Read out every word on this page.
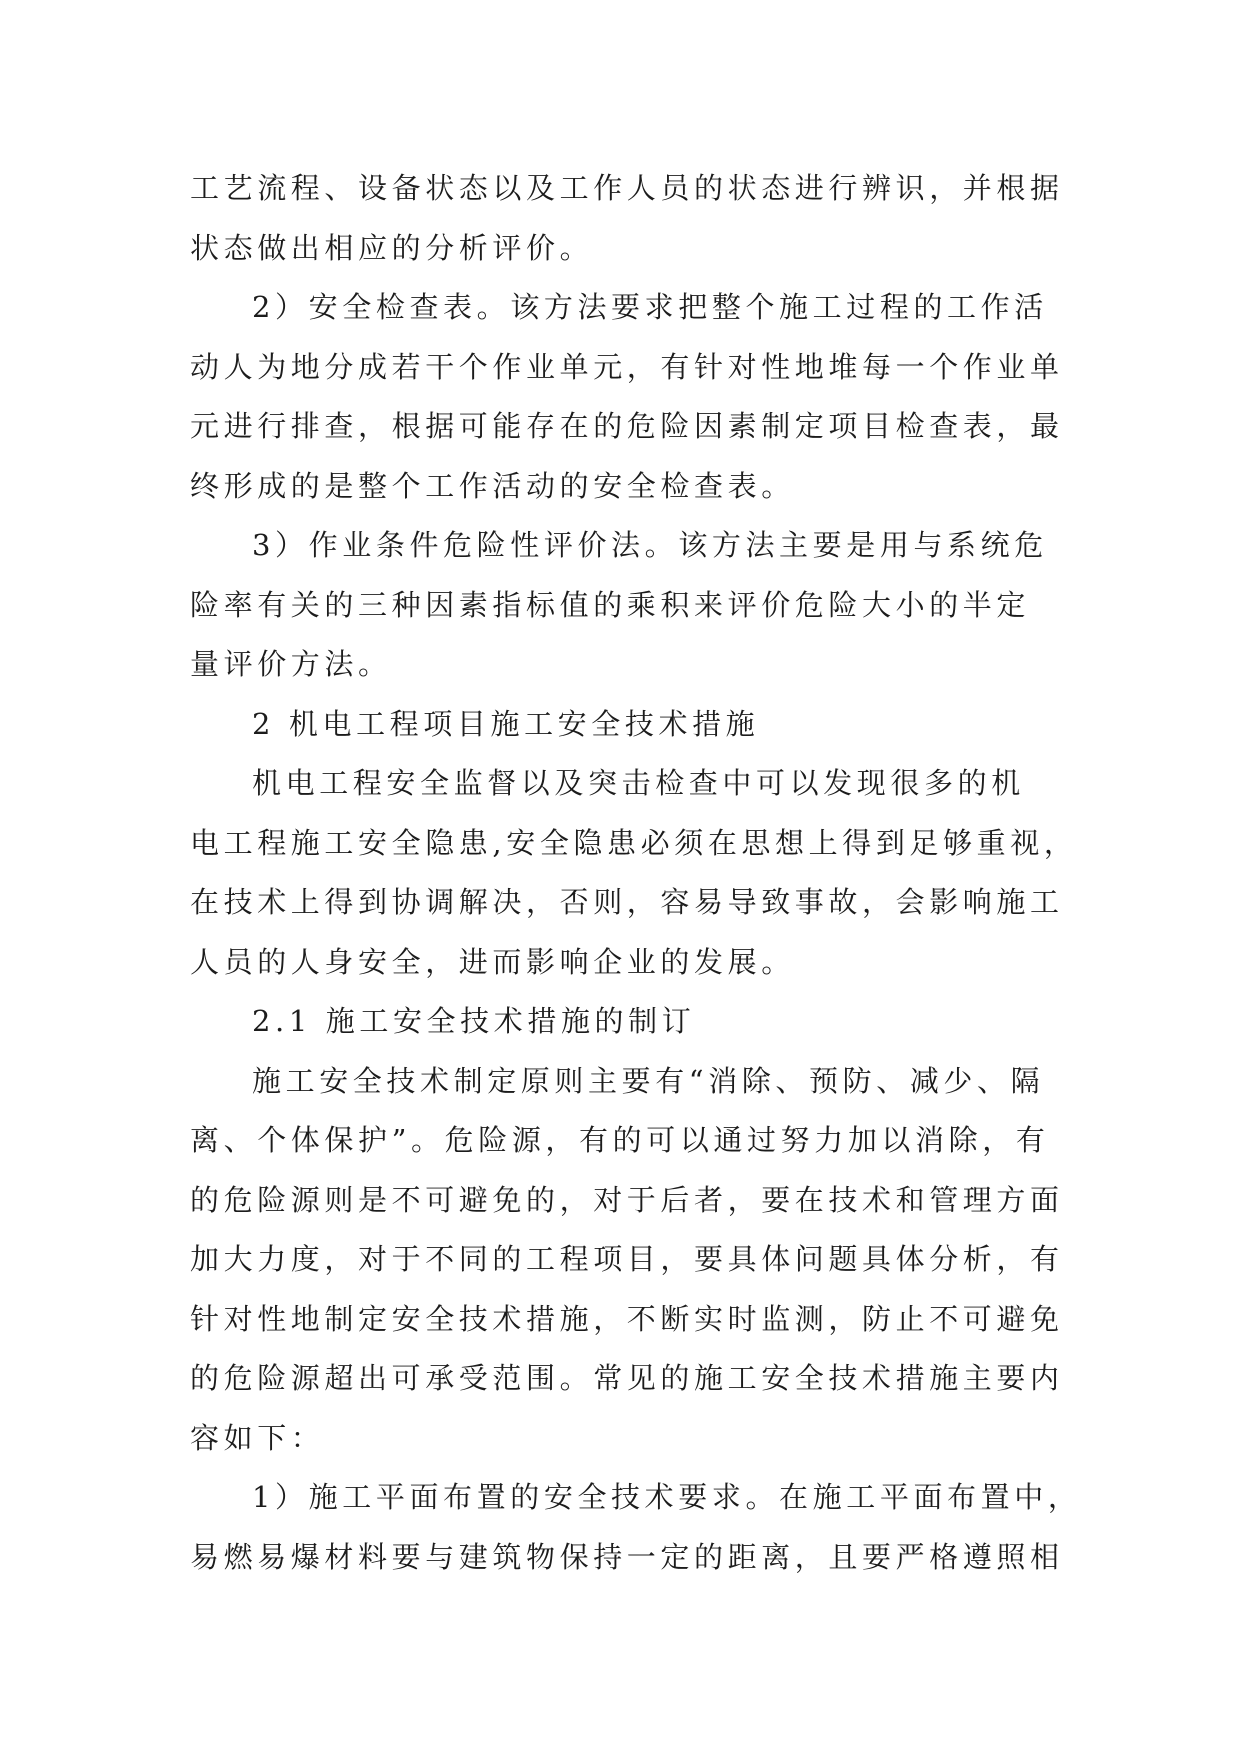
工艺流程、设备状态以及工作人员的状态进行辨识，并根据
状态做出相应的分析评价。
2）安全检查表。该方法要求把整个施工过程的工作活
动人为地分成若干个作业单元，有针对性地堆每一个作业单
元进行排查，根据可能存在的危险因素制定项目检查表，最
终形成的是整个工作活动的安全检查表。
3）作业条件危险性评价法。该方法主要是用与系统危
险率有关的三种因素指标值的乘积来评价危险大小的半定
量评价方法。
2 机电工程项目施工安全技术措施
机电工程安全监督以及突击检查中可以发现很多的机
电工程施工安全隐患,安全隐患必须在思想上得到足够重视，
在技术上得到协调解决，否则，容易导致事故，会影响施工
人员的人身安全，进而影响企业的发展。
2.1 施工安全技术措施的制订
施工安全技术制定原则主要有“消除、预防、减少、隔
离、个体保护”。危险源，有的可以通过努力加以消除，有
的危险源则是不可避免的，对于后者，要在技术和管理方面
加大力度，对于不同的工程项目，要具体问题具体分析，有
针对性地制定安全技术措施，不断实时监测，防止不可避免
的危险源超出可承受范围。常见的施工安全技术措施主要内
容如下：
1）施工平面布置的安全技术要求。在施工平面布置中，
易燃易爆材料要与建筑物保持一定的距离，且要严格遵照相
